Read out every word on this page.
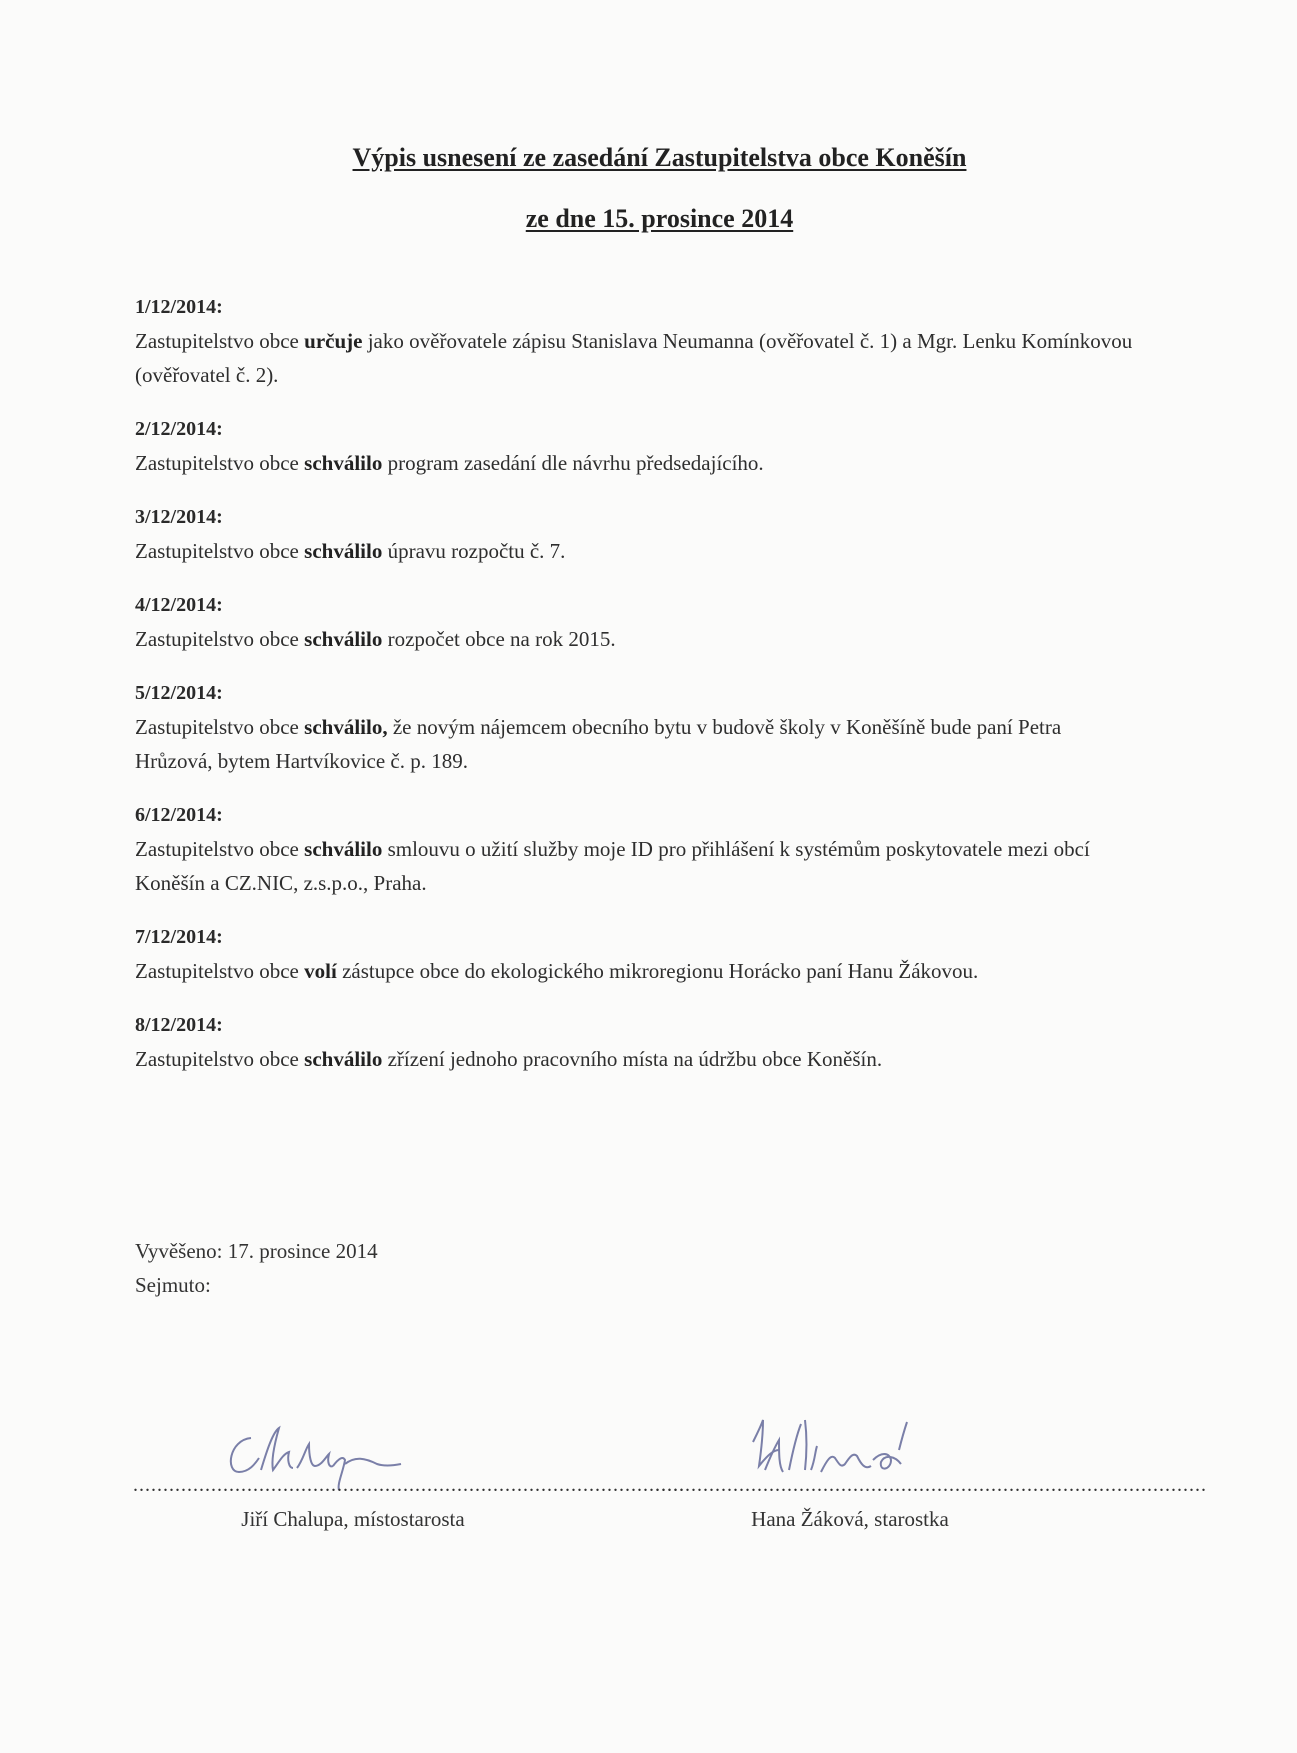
Výpis usnesení ze zasedání Zastupitelstva obce Koněšín
ze dne 15. prosince 2014

1/12/2014:

Zastupitelstvo obce určuje jako ověřovatele zápisu Stanislava Neumanna (ověřovatel č. 1) a Mgr. Lenku Komínkovou (ověřovatel č. 2).

2/12/2014:

Zastupitelstvo obce schválilo program zasedání dle návrhu předsedajícího.

3/12/2014:

Zastupitelstvo obce schválilo úpravu rozpočtu č. 7.

4/12/2014:

Zastupitelstvo obce schválilo rozpočet obce na rok 2015.

5/12/2014:

Zastupitelstvo obce schválilo, že novým nájemcem obecního bytu v budově školy v Koněšíně bude paní Petra Hrůzová, bytem Hartvíkovice č. p. 189.

6/12/2014:

Zastupitelstvo obce schválilo smlouvu o užití služby moje ID pro přihlášení k systémům poskytovatele mezi obcí Koněšín a CZ.NIC, z.s.p.o., Praha.

7/12/2014:

Zastupitelstvo obce volí zástupce obce do ekologického mikroregionu Horácko paní Hanu Žákovou.

8/12/2014:

Zastupitelstvo obce schválilo zřízení jednoho pracovního místa na údržbu obce Koněšín.

Vyvěšeno: 17. prosince 2014
Sejmuto:
............................................................................................
Jiří Chalupa, místostarosta
............................................................................................
Hana Žáková, starostka
